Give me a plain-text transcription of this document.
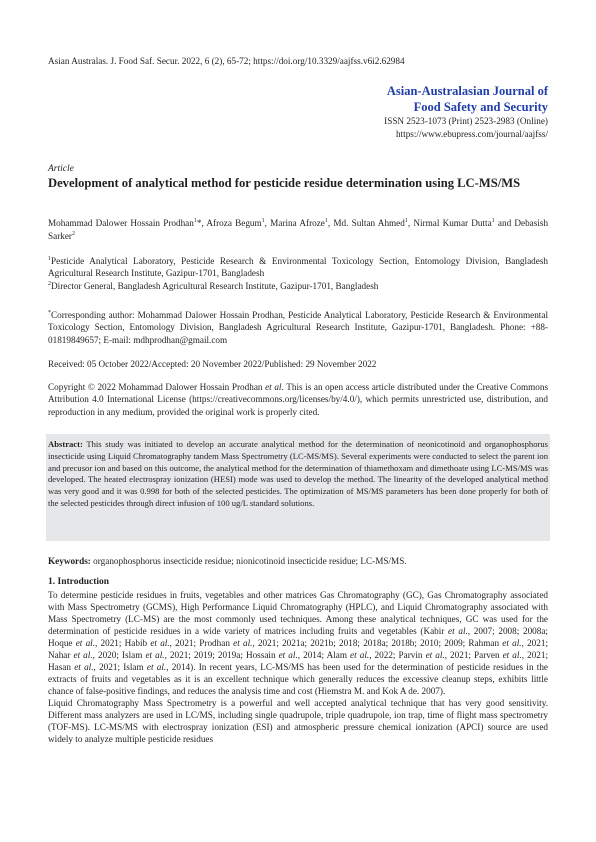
Asian Australas. J. Food Saf. Secur. 2022, 6 (2), 65-72; https://doi.org/10.3329/aajfss.v6i2.62984
Asian-Australasian Journal of
Food Safety and Security
ISSN 2523-1073 (Print) 2523-2983 (Online)
https://www.ebupress.com/journal/aajfss/
Article
Development of analytical method for pesticide residue determination using LC-MS/MS
Mohammad Dalower Hossain Prodhan$^1$*, Afroza Begum$^1$, Marina Afroze$^1$, Md. Sultan Ahmed$^1$, Nirmal Kumar Dutta$^1$ and Debasish Sarker$^2$
$^1$Pesticide Analytical Laboratory, Pesticide Research & Environmental Toxicology Section, Entomology Division, Bangladesh Agricultural Research Institute, Gazipur-1701, Bangladesh
$^2$Director General, Bangladesh Agricultural Research Institute, Gazipur-1701, Bangladesh
*Corresponding author: Mohammad Dalower Hossain Prodhan, Pesticide Analytical Laboratory, Pesticide Research & Environmental Toxicology Section, Entomology Division, Bangladesh Agricultural Research Institute, Gazipur-1701, Bangladesh. Phone: +88-01819849657; E-mail: mdhprodhan@gmail.com
Received: 05 October 2022/Accepted: 20 November 2022/Published: 29 November 2022
Copyright © 2022 Mohammad Dalower Hossain Prodhan et al. This is an open access article distributed under the Creative Commons Attribution 4.0 International License (https://creativecommons.org/licenses/by/4.0/), which permits unrestricted use, distribution, and reproduction in any medium, provided the original work is properly cited.
Abstract: This study was initiated to develop an accurate analytical method for the determination of neonicotinoid and organophosphorus insecticide using Liquid Chromatography tandem Mass Spectrometry (LC-MS/MS). Several experiments were conducted to select the parent ion and precusor ion and based on this outcome, the analytical method for the determination of thiamethoxam and dimethoate using LC-MS/MS was developed. The heated electrospray ionization (HESI) mode was used to develop the method. The linearity of the developed analytical method was very good and it was 0.998 for both of the selected pesticides. The optimization of MS/MS parameters has been done properly for both of the selected pesticides through direct infusion of 100 ug/L standard solutions.
Keywords: organophosphorus insecticide residue; nionicotinoid insecticide residue; LC-MS/MS.
1. Introduction

To determine pesticide residues in fruits, vegetables and other matrices Gas Chromatography (GC), Gas Chromatography associated with Mass Spectrometry (GCMS), High Performance Liquid Chromatography (HPLC), and Liquid Chromatography associated with Mass Spectrometry (LC-MS) are the most commonly used techniques. Among these analytical techniques, GC was used for the determination of pesticide residues in a wide variety of matrices including fruits and vegetables (Kabir et al., 2007; 2008; 2008a; Hoque et al., 2021; Habib et al., 2021; Prodhan et al., 2021; 2021a; 2021b; 2018; 2018a; 2018b; 2010; 2009; Rahman et al., 2021; Nahar et al., 2020; Islam et al., 2021; 2019; 2019a; Hossain et al., 2014; Alam et al., 2022; Parvin et al., 2021; Parven et al., 2021; Hasan et al., 2021; Islam et al., 2014). In recent years, LC-MS/MS has been used for the determination of pesticide residues in the extracts of fruits and vegetables as it is an excellent technique which generally reduces the excessive cleanup steps, exhibits little chance of false-positive findings, and reduces the analysis time and cost (Hiemstra M. and Kok A de. 2007).

Liquid Chromatography Mass Spectrometry is a powerful and well accepted analytical technique that has very good sensitivity. Different mass analyzers are used in LC/MS, including single quadrupole, triple quadrupole, ion trap, time of flight mass spectrometry (TOF-MS). LC-MS/MS with electrospray ionization (ESI) and atmospheric pressure chemical ionization (APCI) source are used widely to analyze multiple pesticide residues
